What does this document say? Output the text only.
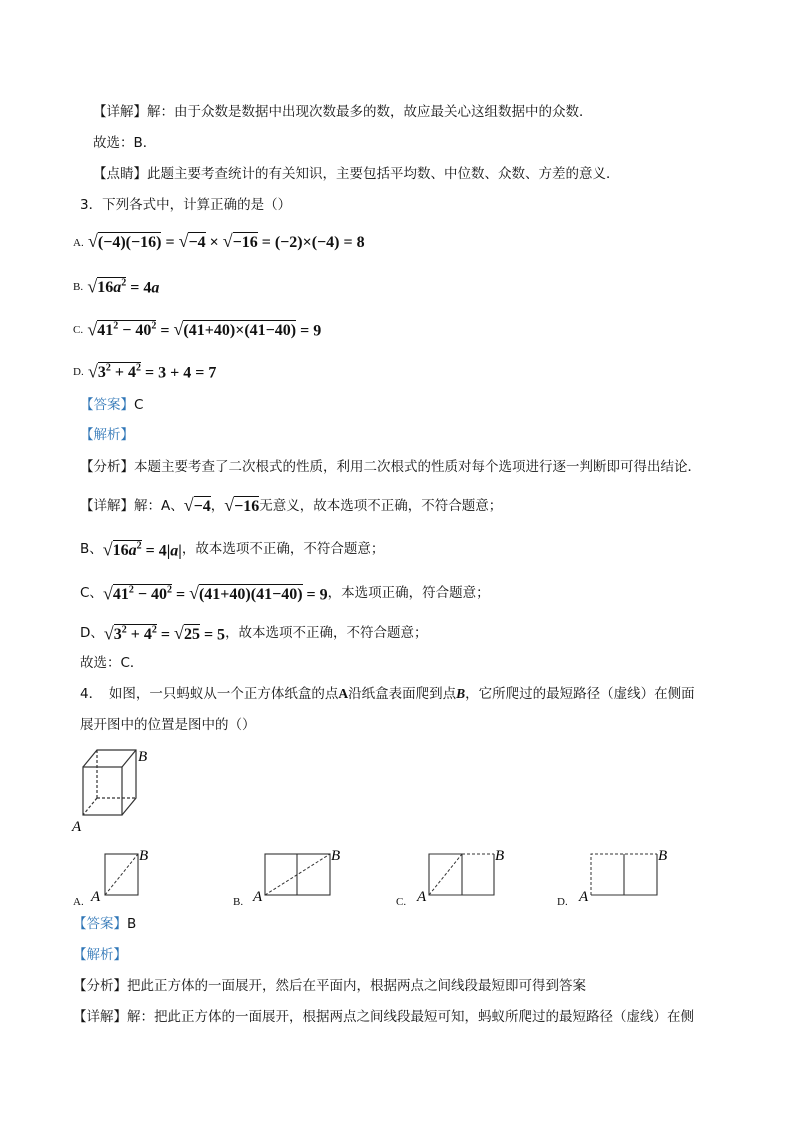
【详解】解：由于众数是数据中出现次数最多的数，故应最关心这组数据中的众数．
故选：B．
【点睛】此题主要考查统计的有关知识，主要包括平均数、中位数、众数、方差的意义．
3．下列各式中，计算正确的是（）
A. √(−4)(−16) = √−4 × √−16 = (−2)×(−4) = 8
B. $√16a^2 = 4a$
C. $√41^2 - 40^2 = √(41+40)\times(41-40) = 9$
D. $√3^2 + 4^2 = 3 + 4 = 7$
【答案】C
【解析】
【分析】本题主要考查了二次根式的性质，利用二次根式的性质对每个选项进行逐一判断即可得出结论．
【详解】解：A、√−4，√−16无意义，故本选项不正确，不符合题意；
B、$√16a^2 = 4|a|$，故本选项不正确，不符合题意；
C、$√41^2 - 40^2 = √(41+40)(41-40) = 9$，本选项正确，符合题意；
D、$√3^2 + 4^2 = √25 = 5$，故本选项不正确，不符合题意；
故选：C．
4．　如图，一只蚂蚁从一个正方体纸盒的点A沿纸盒表面爬到点B，它所爬过的最短路径（虚线）在侧面
展开图中的位置是图中的（）
A
B
A. A
B
B. A
B
C. A
B
D. A
B
【答案】B
【解析】
【分析】把此正方体的一面展开，然后在平面内，根据两点之间线段最短即可得到答案
【详解】解：把此正方体的一面展开，根据两点之间线段最短可知，蚂蚁所爬过的最短路径（虚线）在侧
